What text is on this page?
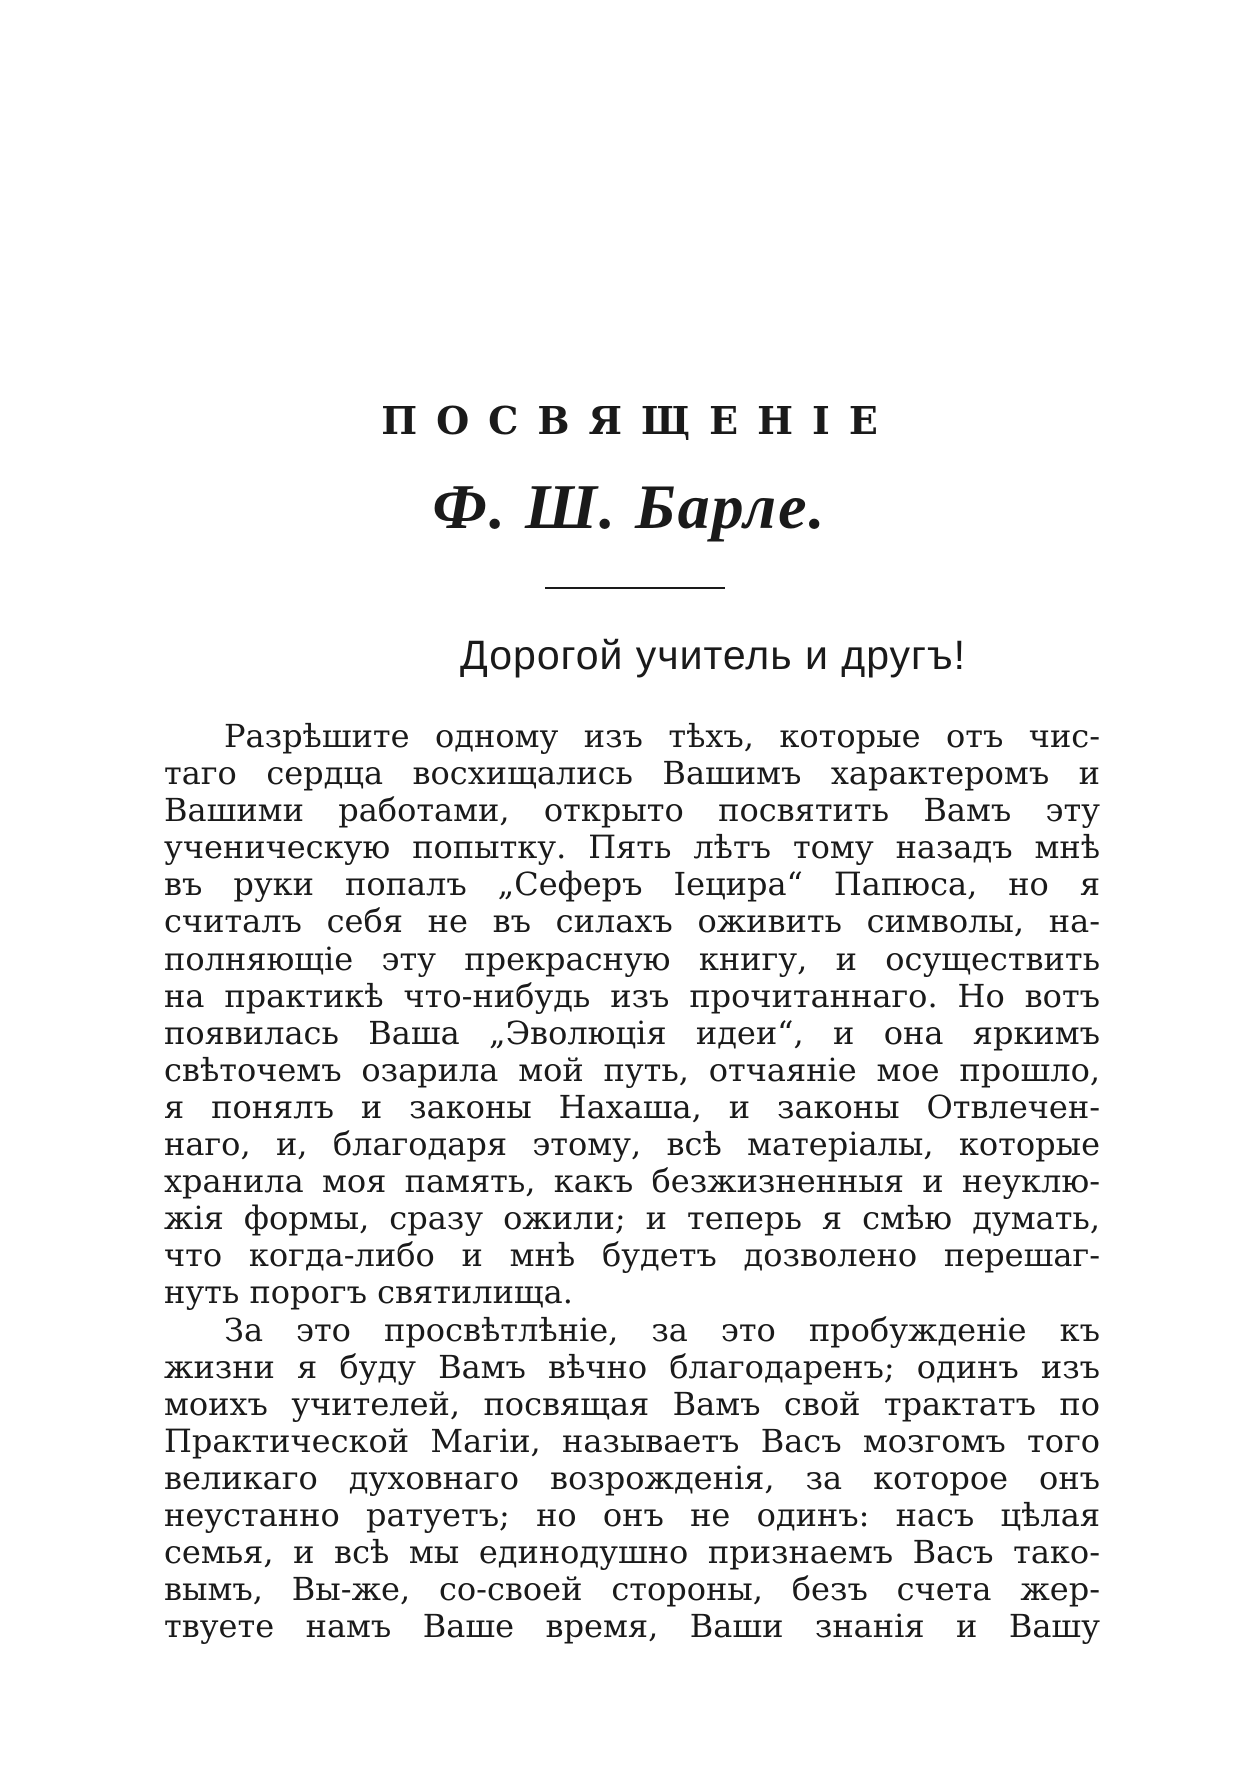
ПОСВЯЩЕНІЕ
Ф. Ш. Барле.
Дорогой учитель и другъ!
Разрѣшите одному изъ тѣхъ, которые отъ чис-
таго сердца восхищались Вашимъ характеромъ и
Вашими работами, открыто посвятить Вамъ эту
ученическую попытку. Пять лѣтъ тому назадъ мнѣ
въ руки попалъ „Сеферъ Іецира“ Папюса, но я
считалъ себя не въ силахъ оживить символы, на-
полняющіе эту прекрасную книгу, и осуществить
на практикѣ что-нибудь изъ прочитаннаго. Но вотъ
появилась Ваша „Эволюція идеи“, и она яркимъ
свѣточемъ озарила мой путь, отчаяніе мое прошло,
я понялъ и законы Нахаша, и законы Отвлечен-
наго, и, благодаря этому, всѣ матеріалы, которые
хранила моя память, какъ безжизненныя и неуклю-
жія формы, сразу ожили; и теперь я смѣю думать,
что когда-либо и мнѣ будетъ дозволено перешаг-
нуть порогъ святилища.
За это просвѣтлѣніе, за это пробужденіе къ
жизни я буду Вамъ вѣчно благодаренъ; одинъ изъ
моихъ учителей, посвящая Вамъ свой трактатъ по
Практической Магіи, называетъ Васъ мозгомъ того
великаго духовнаго возрожденія, за которое онъ
неустанно ратуетъ; но онъ не одинъ: насъ цѣлая
семья, и всѣ мы единодушно признаемъ Васъ тако-
вымъ, Вы-же, со-своей стороны, безъ счета жер-
твуете намъ Ваше время, Ваши знанія и Вашу
